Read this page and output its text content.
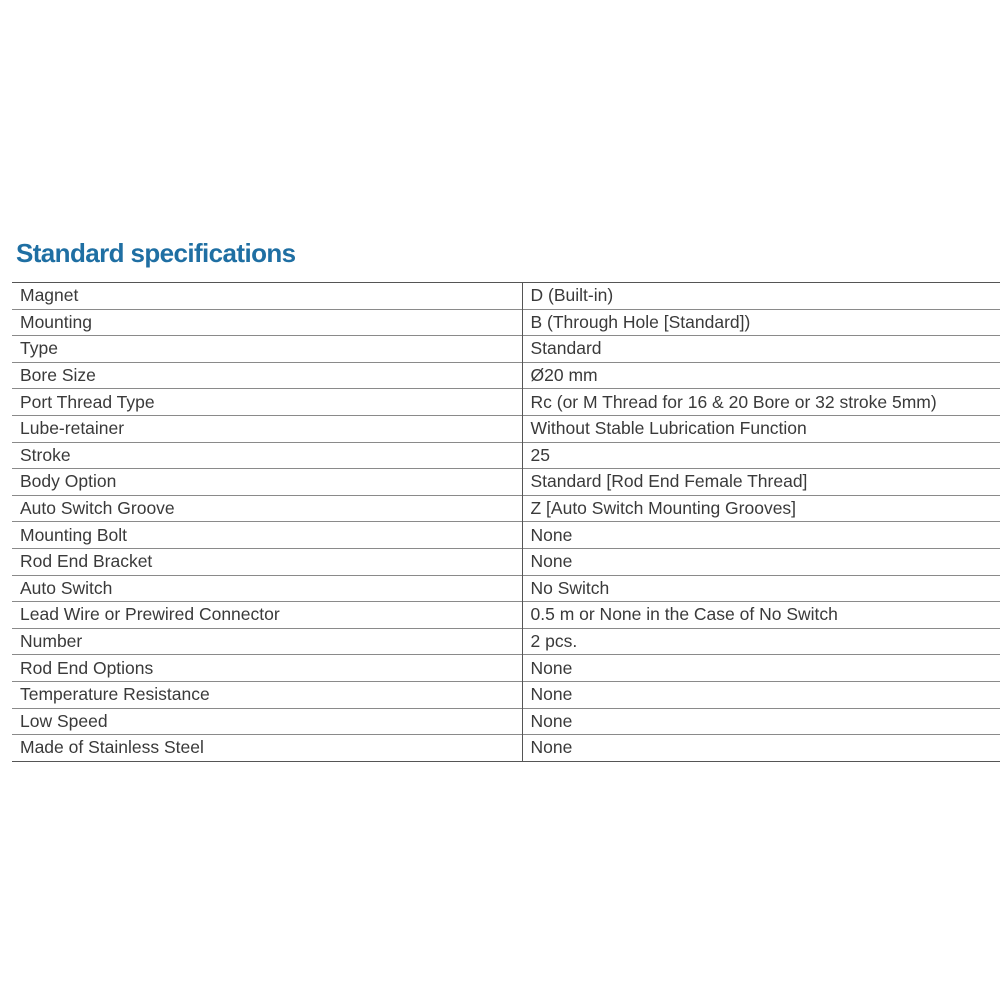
Standard specifications
Magnet	D (Built-in)
Mounting	B (Through Hole [Standard])
Type	Standard
Bore Size	Ø20 mm
Port Thread Type	Rc (or M Thread for 16 & 20 Bore or 32 stroke 5mm)
Lube-retainer	Without Stable Lubrication Function
Stroke	25
Body Option	Standard [Rod End Female Thread]
Auto Switch Groove	Z [Auto Switch Mounting Grooves]
Mounting Bolt	None
Rod End Bracket	None
Auto Switch	No Switch
Lead Wire or Prewired Connector	0.5 m or None in the Case of No Switch
Number	2 pcs.
Rod End Options	None
Temperature Resistance	None
Low Speed	None
Made of Stainless Steel	None
